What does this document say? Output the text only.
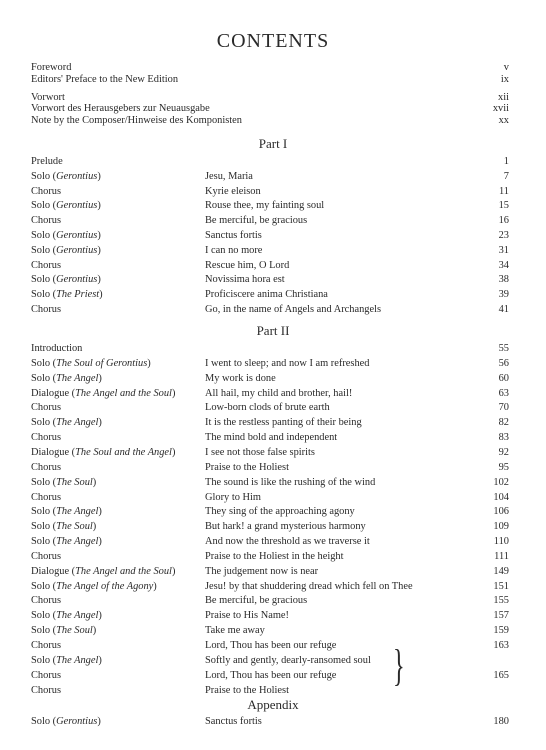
CONTENTS
Foreword	v
Editors' Preface to the New Edition	ix
Vorwort	xii
Vorwort des Herausgebers zur Neuausgabe	xvii
Note by the Composer/Hinweise des Komponisten	xx
Part I
Prelude	1
Solo (Gerontius)	Jesu, Maria	7
Chorus	Kyrie eleison	11
Solo (Gerontius)	Rouse thee, my fainting soul	15
Chorus	Be merciful, be gracious	16
Solo (Gerontius)	Sanctus fortis	23
Solo (Gerontius)	I can no more	31
Chorus	Rescue him, O Lord	34
Solo (Gerontius)	Novissima hora est	38
Solo (The Priest)	Proficiscere anima Christiana	39
Chorus	Go, in the name of Angels and Archangels	41
Part II
Introduction	55
Solo (The Soul of Gerontius)	I went to sleep; and now I am refreshed	56
Solo (The Angel)	My work is done	60
Dialogue (The Angel and the Soul)	All hail, my child and brother, hail!	63
Chorus	Low-born clods of brute earth	70
Solo (The Angel)	It is the restless panting of their being	82
Chorus	The mind bold and independent	83
Dialogue (The Soul and the Angel)	I see not those false spirits	92
Chorus	Praise to the Holiest	95
Solo (The Soul)	The sound is like the rushing of the wind	102
Chorus	Glory to Him	104
Solo (The Angel)	They sing of the approaching agony	106
Solo (The Soul)	But hark! a grand mysterious harmony	109
Solo (The Angel)	And now the threshold as we traverse it	110
Chorus	Praise to the Holiest in the height	111
Dialogue (The Angel and the Soul)	The judgement now is near	149
Solo (The Angel of the Agony)	Jesu! by that shuddering dread which fell on Thee	151
Chorus	Be merciful, be gracious	155
Solo (The Angel)	Praise to His Name!	157
Solo (The Soul)	Take me away	159
Chorus	Lord, Thou has been our refuge	163
Solo (The Angel)	Softly and gently, dearly-ransomed soul
Chorus	Lord, Thou has been our refuge	165
Chorus	Praise to the Holiest
Appendix
Solo (Gerontius)	Sanctus fortis	180
}
